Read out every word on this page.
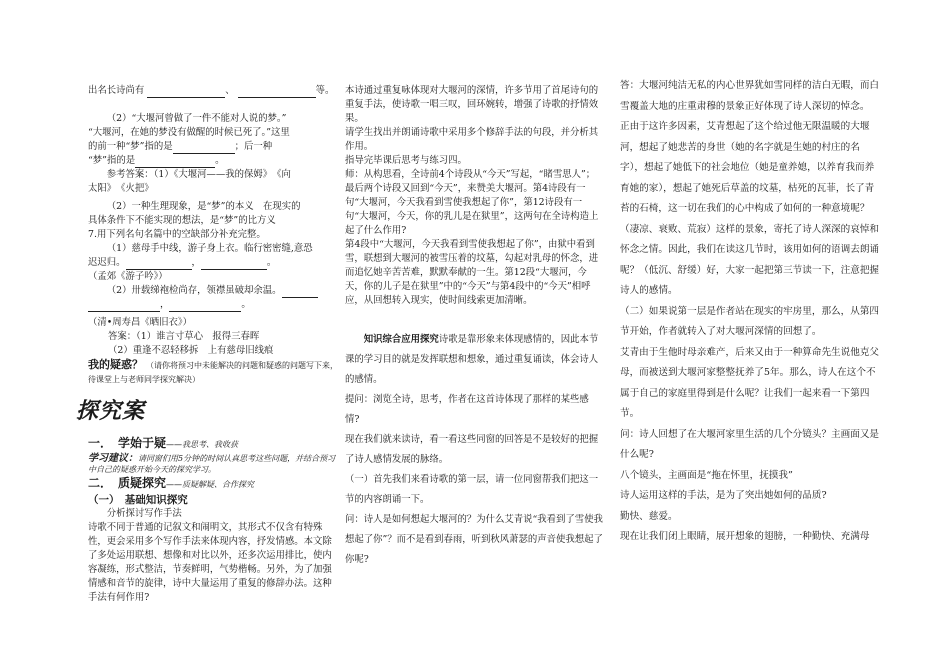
出名长诗尚有	、	等。

（2）“大堰河曾做了一件不能对人说的梦。”

“大堰河，在她的梦没有做醒的时候已死了。”这里

的前一种“梦”指的是	；后一种

“梦”指的是	。

参考答案：（1）《大堰河——我的保姆》　《向

太阳》　《火把》

（2）一种生理现象，是“梦”的本义　在现实的

具体条件下不能实现的想法，是“梦”的比方义

7.用下列名句名篇中的空缺部分补充完整。

（1）慈母手中线，游子身上衣。临行密密缝,意恐

迟迟归。	，	。

（孟郊《游子吟》）

（2）卅载绨袍检尚存，领襟虽破却余温。

，	。

（清•周寿昌《晒旧衣》）

答案：（1）谁言寸草心　报得三春晖

（2）重逢不忍轻移拆　上有慈母旧线痕

我的疑惑？ （请你将预习中未能解决的问题和疑惑的问题写下来，待课堂上与老师同学探究解决）

探究案

一．　学始于疑——我思考、我收获

学习建议：请同窗们用5分钟的时间认真思考这些问题，并结合预习中自己的疑惑开始今天的探究学习。

二．　质疑探究——质疑解疑、合作探究

（一）　基础知识探究

分析探讨写作手法

诗歌不同于普通的记叙文和闹明文，其形式不仅含有特殊性，更会采用多个写作手法来体现内容，抒发情感。本文除了多处运用联想、想像和对比以外，还多次运用排比，使内容凝练，形式整洁，节奏鲜明，气势楷畅。另外，为了加强情感和音节的旋律，诗中大量运用了重复的修辞办法。这种手法有何作用?

本诗通过重复咏体现对大堰河的深情，许多节用了首尾诗句的重复手法，使诗歌一唱三叹，回环婉转，增强了诗歌的抒情效果。

请学生找出并朗诵诗歌中采用多个修辞手法的句段，并分析其作用。

指导完毕课后思考与练习四。

师：从构思看，全诗前4个诗段从“今天”写起，“睹雪思人”；最后两个诗段又回到“今天”，来赞美大堰河。第4诗段有一句“大堰河，今天我看到雪使我想起了你”，第12诗段有一句“大堰河，今天，你的乳儿是在狱里”，这两句在全诗构造上起了什么作用?

第4段中“大堰河，今天我看到雪使我想起了你”，由狱中看到雪，联想到大堰河的被雪压着的坟墓，勾起对乳母的怀念，进而追忆她辛苦苦难，默默奉献的一生。第12段“大堰河，今天，你的儿子是在狱里”中的“今天”与第4段中的“今天”相呼应，从回想转入现实，使时间线索更加清晰。

知识综合应用探究诗歌是靠形象来体现感情的，因此本节课的学习目的就是发挥联想和想象，通过重复诵读，体会诗人的感情。

提问：浏览全诗，思考，作者在这首诗体现了那样的某些感情?

现在我们就来读诗，看一看这些同窗的回答是不是较好的把握了诗人感情发展的脉络。

（一）首先我们来看诗歌的第一层，请一位同窗帮我们把这一节的内容朗诵一下。

问：诗人是如何想起大堰河的？为什么艾青说“我看到了雪使我想起了你”？而不是看到春雨，听到秋风萧瑟的声音使我想起了你呢?

答：大堰河纯洁无私的内心世界犹如雪同样的洁白无暇，而白雪覆盖大地的庄重肃穆的景象正好体现了诗人深切的悼念。

正由于这许多因素，艾青想起了这个给过他无限温暖的大堰河，想起了她悲苦的身世（她的名字就是生她的村庄的名字），想起了她低下的社会地位（她是童养媳，以养育我而养育她的家），想起了她死后草盖的坟墓，枯死的瓦菲，长了青苔的石椅，这一切在我们的心中构成了如何的一种意境呢？（凄凉、衰败、荒寂）这样的景象，寄托了诗人深深的哀悼和怀念之情。因此，我们在读这几节时，该用如何的语调去朗诵呢？（低沉、舒缓）好，大家一起把第三节读一下，注意把握诗人的感情。

（二）如果说第一层是作者站在现实的牢房里，那么，从第四节开始，作者就转入了对大堰河深情的回想了。

艾青由于生他时母亲难产，后来又由于一种算命先生说他克父母，而被送到大堰河家整整抚养了5年。那么，诗人在这个不属于自己的家庭里得到是什么呢？让我们一起来看一下第四节。

问：诗人回想了在大堰河家里生活的几个分镜头？主画面又是什么呢?

八个镜头，主画面是“拖在怀里，抚摸我”

诗人运用这样的手法，是为了突出她如何的品质?

勤快、慈爱。

现在让我们闭上眼睛，展开想象的翅膀，一种勤快、充满母
